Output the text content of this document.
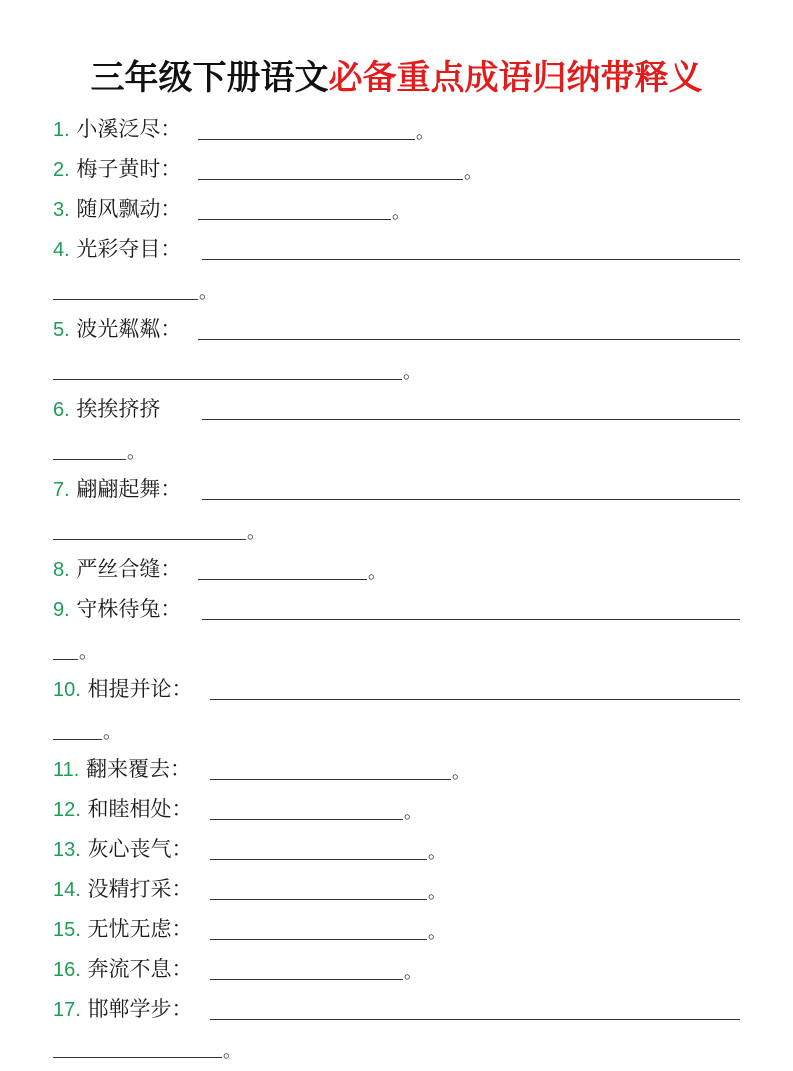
三年级下册语文必备重点成语归纳带释义
1. 小溪泛尽：	。
2. 梅子黄时：	。
3. 随风飘动：	。
4. 光彩夺目：
。
5. 波光粼粼：
。
6. 挨挨挤挤
。
7. 翩翩起舞：
。
8. 严丝合缝：	。
9. 守株待兔：
。
10. 相提并论：
。
11. 翻来覆去：	。
12. 和睦相处：	。
13. 灰心丧气：	。
14. 没精打采：	。
15. 无忧无虑：	。
16. 奔流不息：	。
17. 邯郸学步：
。
